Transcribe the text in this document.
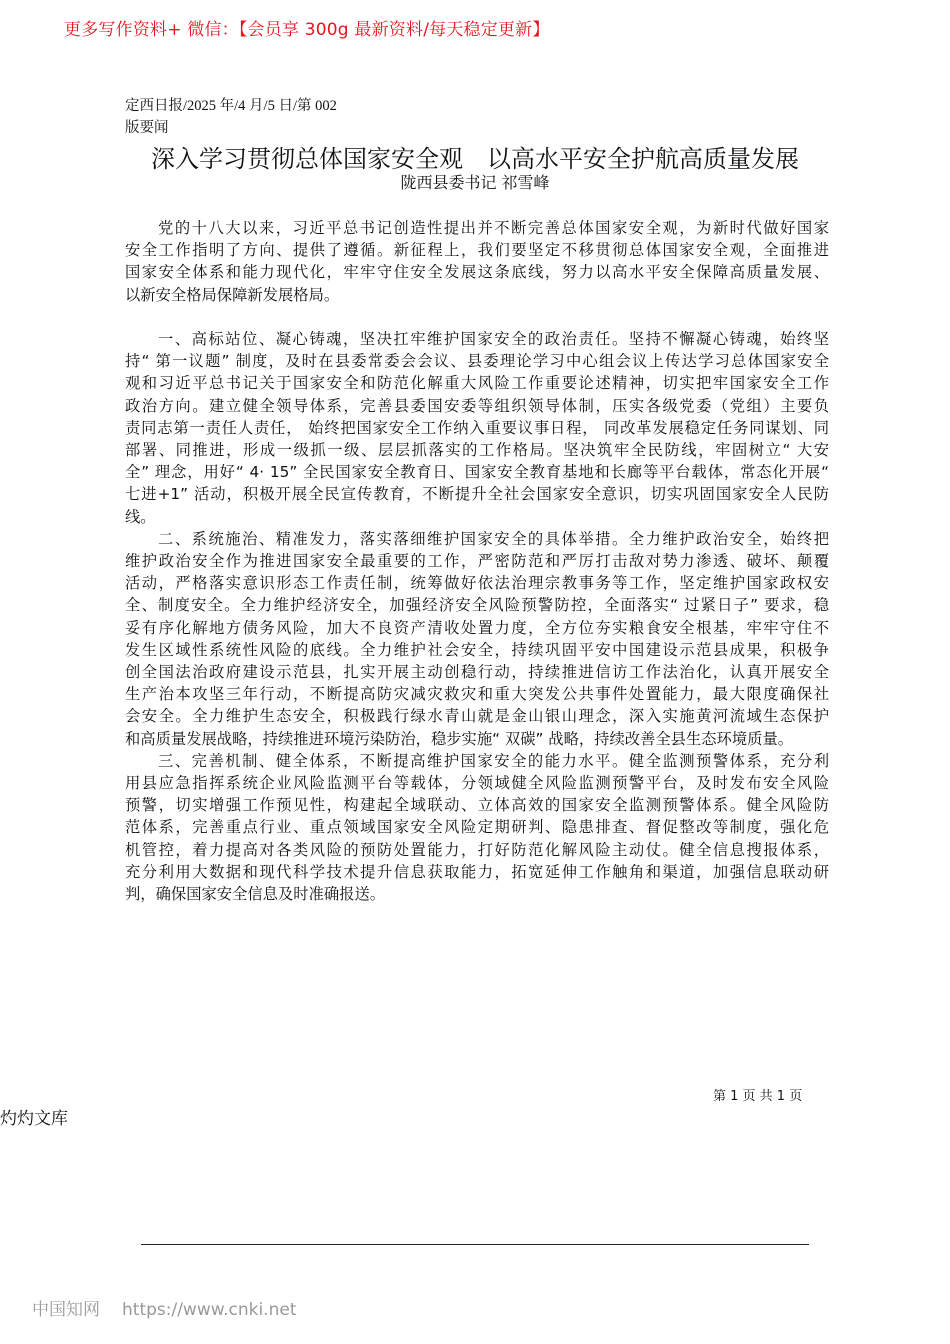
更多写作资料+ 微信：【会员享 300g 最新资料/每天稳定更新】
定西日报/2025 年/4 月/5 日/第 002
版要闻
深入学习贯彻总体国家安全观　以高水平安全护航高质量发展
陇西县委书记 祁雪峰
党的十八大以来，习近平总书记创造性提出并不断完善总体国家安全观，为新时代做好国家
安全工作指明了方向、提供了遵循。新征程上，我们要坚定不移贯彻总体国家安全观，全面推进
国家安全体系和能力现代化，牢牢守住安全发展这条底线，努力以高水平安全保障高质量发展、
以新安全格局保障新发展格局。
一、高标站位、凝心铸魂，坚决扛牢维护国家安全的政治责任。坚持不懈凝心铸魂，始终坚
持“ 第一议题” 制度，及时在县委常委会会议、县委理论学习中心组会议上传达学习总体国家安全
观和习近平总书记关于国家安全和防范化解重大风险工作重要论述精神，切实把牢国家安全工作
政治方向。建立健全领导体系，完善县委国安委等组织领导体制，压实各级党委（党组）主要负
责同志第一责任人责任， 始终把国家安全工作纳入重要议事日程， 同改革发展稳定任务同谋划、同
部署、同推进，形成一级抓一级、层层抓落实的工作格局。坚决筑牢全民防线，牢固树立“ 大安
全” 理念，用好“ 4· 15” 全民国家安全教育日、国家安全教育基地和长廊等平台载体，常态化开展“
七进+1” 活动，积极开展全民宣传教育，不断提升全社会国家安全意识，切实巩固国家安全人民防
线。
二、系统施治、精准发力，落实落细维护国家安全的具体举措。全力维护政治安全，始终把
维护政治安全作为推进国家安全最重要的工作，严密防范和严厉打击敌对势力渗透、破坏、颠覆
活动，严格落实意识形态工作责任制，统筹做好依法治理宗教事务等工作，坚定维护国家政权安
全、制度安全。全力维护经济安全，加强经济安全风险预警防控，全面落实“ 过紧日子” 要求，稳
妥有序化解地方债务风险，加大不良资产清收处置力度，全方位夯实粮食安全根基，牢牢守住不
发生区域性系统性风险的底线。全力维护社会安全，持续巩固平安中国建设示范县成果，积极争
创全国法治政府建设示范县，扎实开展主动创稳行动，持续推进信访工作法治化，认真开展安全
生产治本攻坚三年行动，不断提高防灾减灾救灾和重大突发公共事件处置能力，最大限度确保社
会安全。全力维护生态安全，积极践行绿水青山就是金山银山理念，深入实施黄河流域生态保护
和高质量发展战略，持续推进环境污染防治，稳步实施“ 双碳” 战略，持续改善全县生态环境质量。
三、完善机制、健全体系，不断提高维护国家安全的能力水平。健全监测预警体系，充分利
用县应急指挥系统企业风险监测平台等载体，分领域健全风险监测预警平台，及时发布安全风险
预警，切实增强工作预见性，构建起全域联动、立体高效的国家安全监测预警体系。健全风险防
范体系，完善重点行业、重点领域国家安全风险定期研判、隐患排查、督促整改等制度，强化危
机管控，着力提高对各类风险的预防处置能力，打好防范化解风险主动仗。健全信息搜报体系，
充分利用大数据和现代科学技术提升信息获取能力，拓宽延伸工作触角和渠道，加强信息联动研
判，确保国家安全信息及时准确报送。
第 1 页 共 1 页
灼灼文库
中国知网 https://www.cnki.net
